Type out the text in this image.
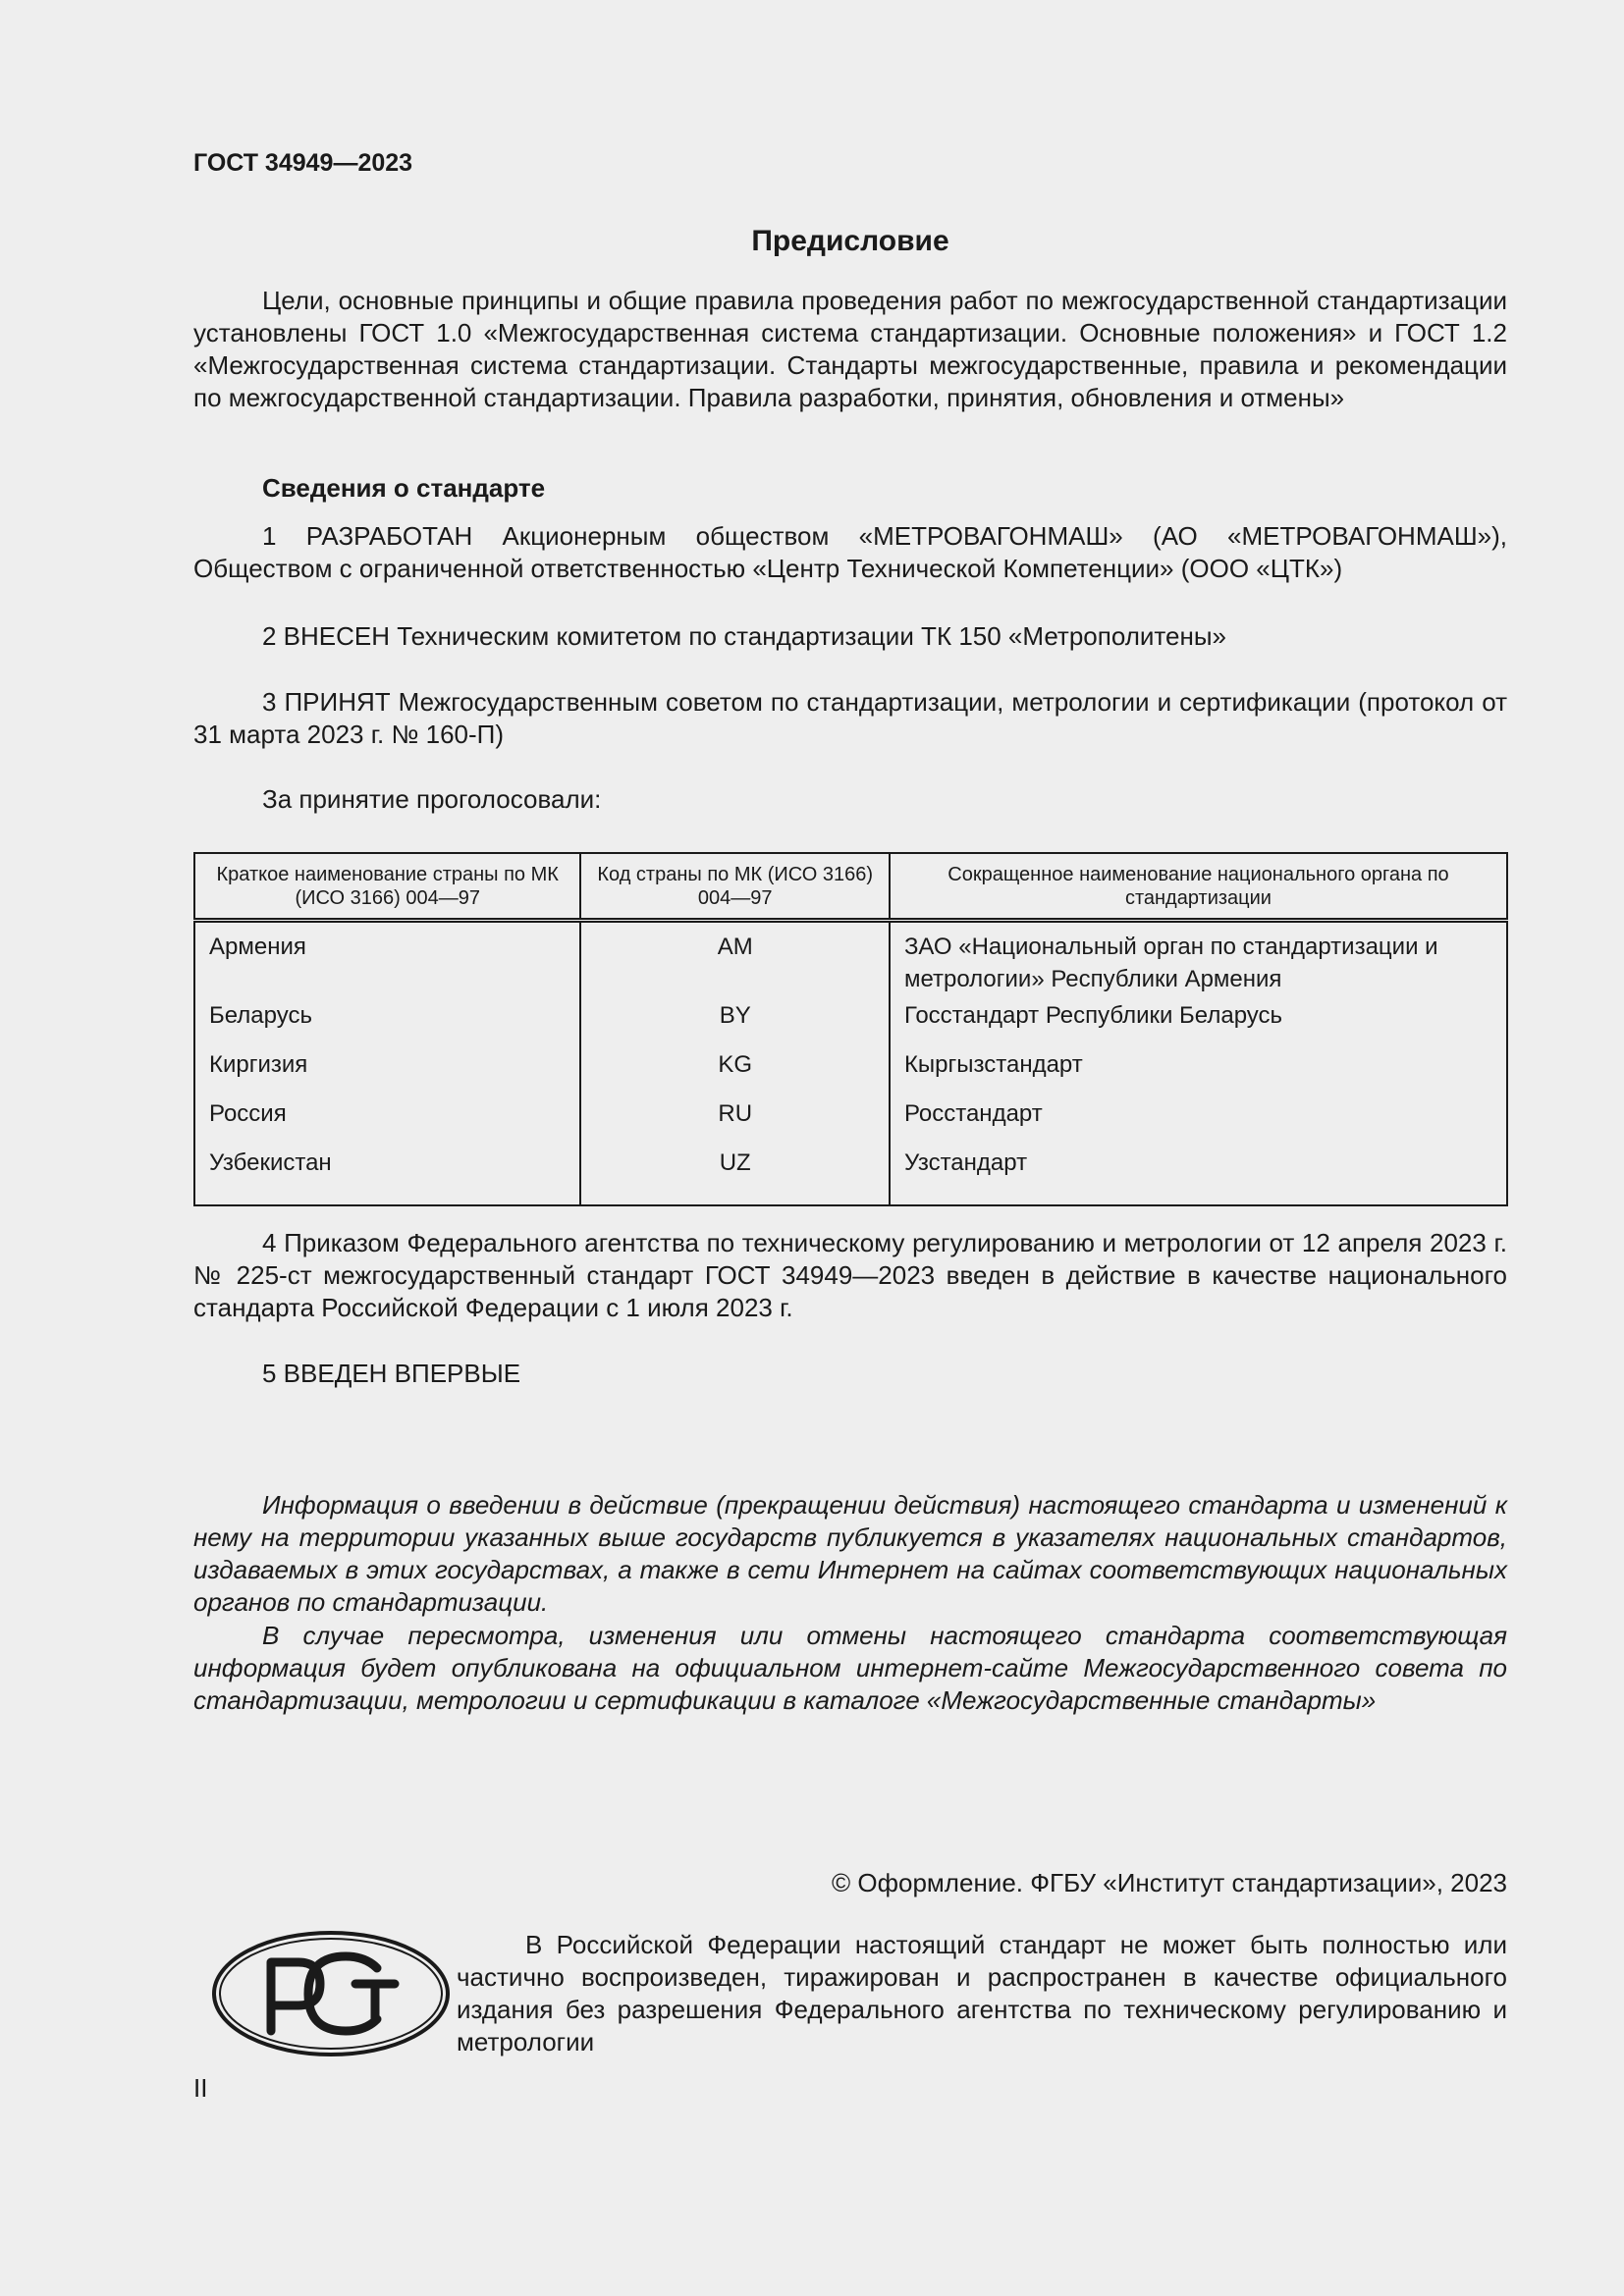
ГОСТ 34949—2023
Предисловие

Цели, основные принципы и общие правила проведения работ по межгосударственной стандартизации установлены ГОСТ 1.0 «Межгосударственная система стандартизации. Основные положения» и ГОСТ 1.2 «Межгосударственная система стандартизации. Стандарты межгосударственные, правила и рекомендации по межгосударственной стандартизации. Правила разработки, принятия, обновления и отмены»

Сведения о стандарте

1 РАЗРАБОТАН Акционерным обществом «МЕТРОВАГОНМАШ» (АО «МЕТРОВАГОНМАШ»), Обществом с ограниченной ответственностью «Центр Технической Компетенции» (ООО «ЦТК»)

2 ВНЕСЕН Техническим комитетом по стандартизации ТК 150 «Метрополитены»

3 ПРИНЯТ Межгосударственным советом по стандартизации, метрологии и сертификации (протокол от 31 марта 2023 г. № 160-П)

За принятие проголосовали:

Краткое наименование страны по МК (ИСО 3166) 004—97	Код страны по МК (ИСО 3166) 004—97	Сокращенное наименование национального органа по стандартизации
Армения	AM	ЗАО «Национальный орган по стандартизации и метрологии» Республики Армения
Беларусь	BY	Госстандарт Республики Беларусь
Киргизия	KG	Кыргызстандарт
Россия	RU	Росстандарт
Узбекистан	UZ	Узстандарт

4 Приказом Федерального агентства по техническому регулированию и метрологии от 12 апреля 2023 г. № 225-ст межгосударственный стандарт ГОСТ 34949—2023 введен в действие в качестве национального стандарта Российской Федерации с 1 июля 2023 г.

5 ВВЕДЕН ВПЕРВЫЕ

Информация о введении в действие (прекращении действия) настоящего стандарта и изменений к нему на территории указанных выше государств публикуется в указателях национальных стандартов, издаваемых в этих государствах, а также в сети Интернет на сайтах соответствующих национальных органов по стандартизации.

В случае пересмотра, изменения или отмены настоящего стандарта соответствующая информация будет опубликована на официальном интернет-сайте Межгосударственного совета по стандартизации, метрологии и сертификации в каталоге «Межгосударственные стандарты»

© Оформление. ФГБУ «Институт стандартизации», 2023

В Российской Федерации настоящий стандарт не может быть полностью или частично воспроизведен, тиражирован и распространен в качестве официального издания без разрешения Федерального агентства по техническому регулированию и метрологии

II
